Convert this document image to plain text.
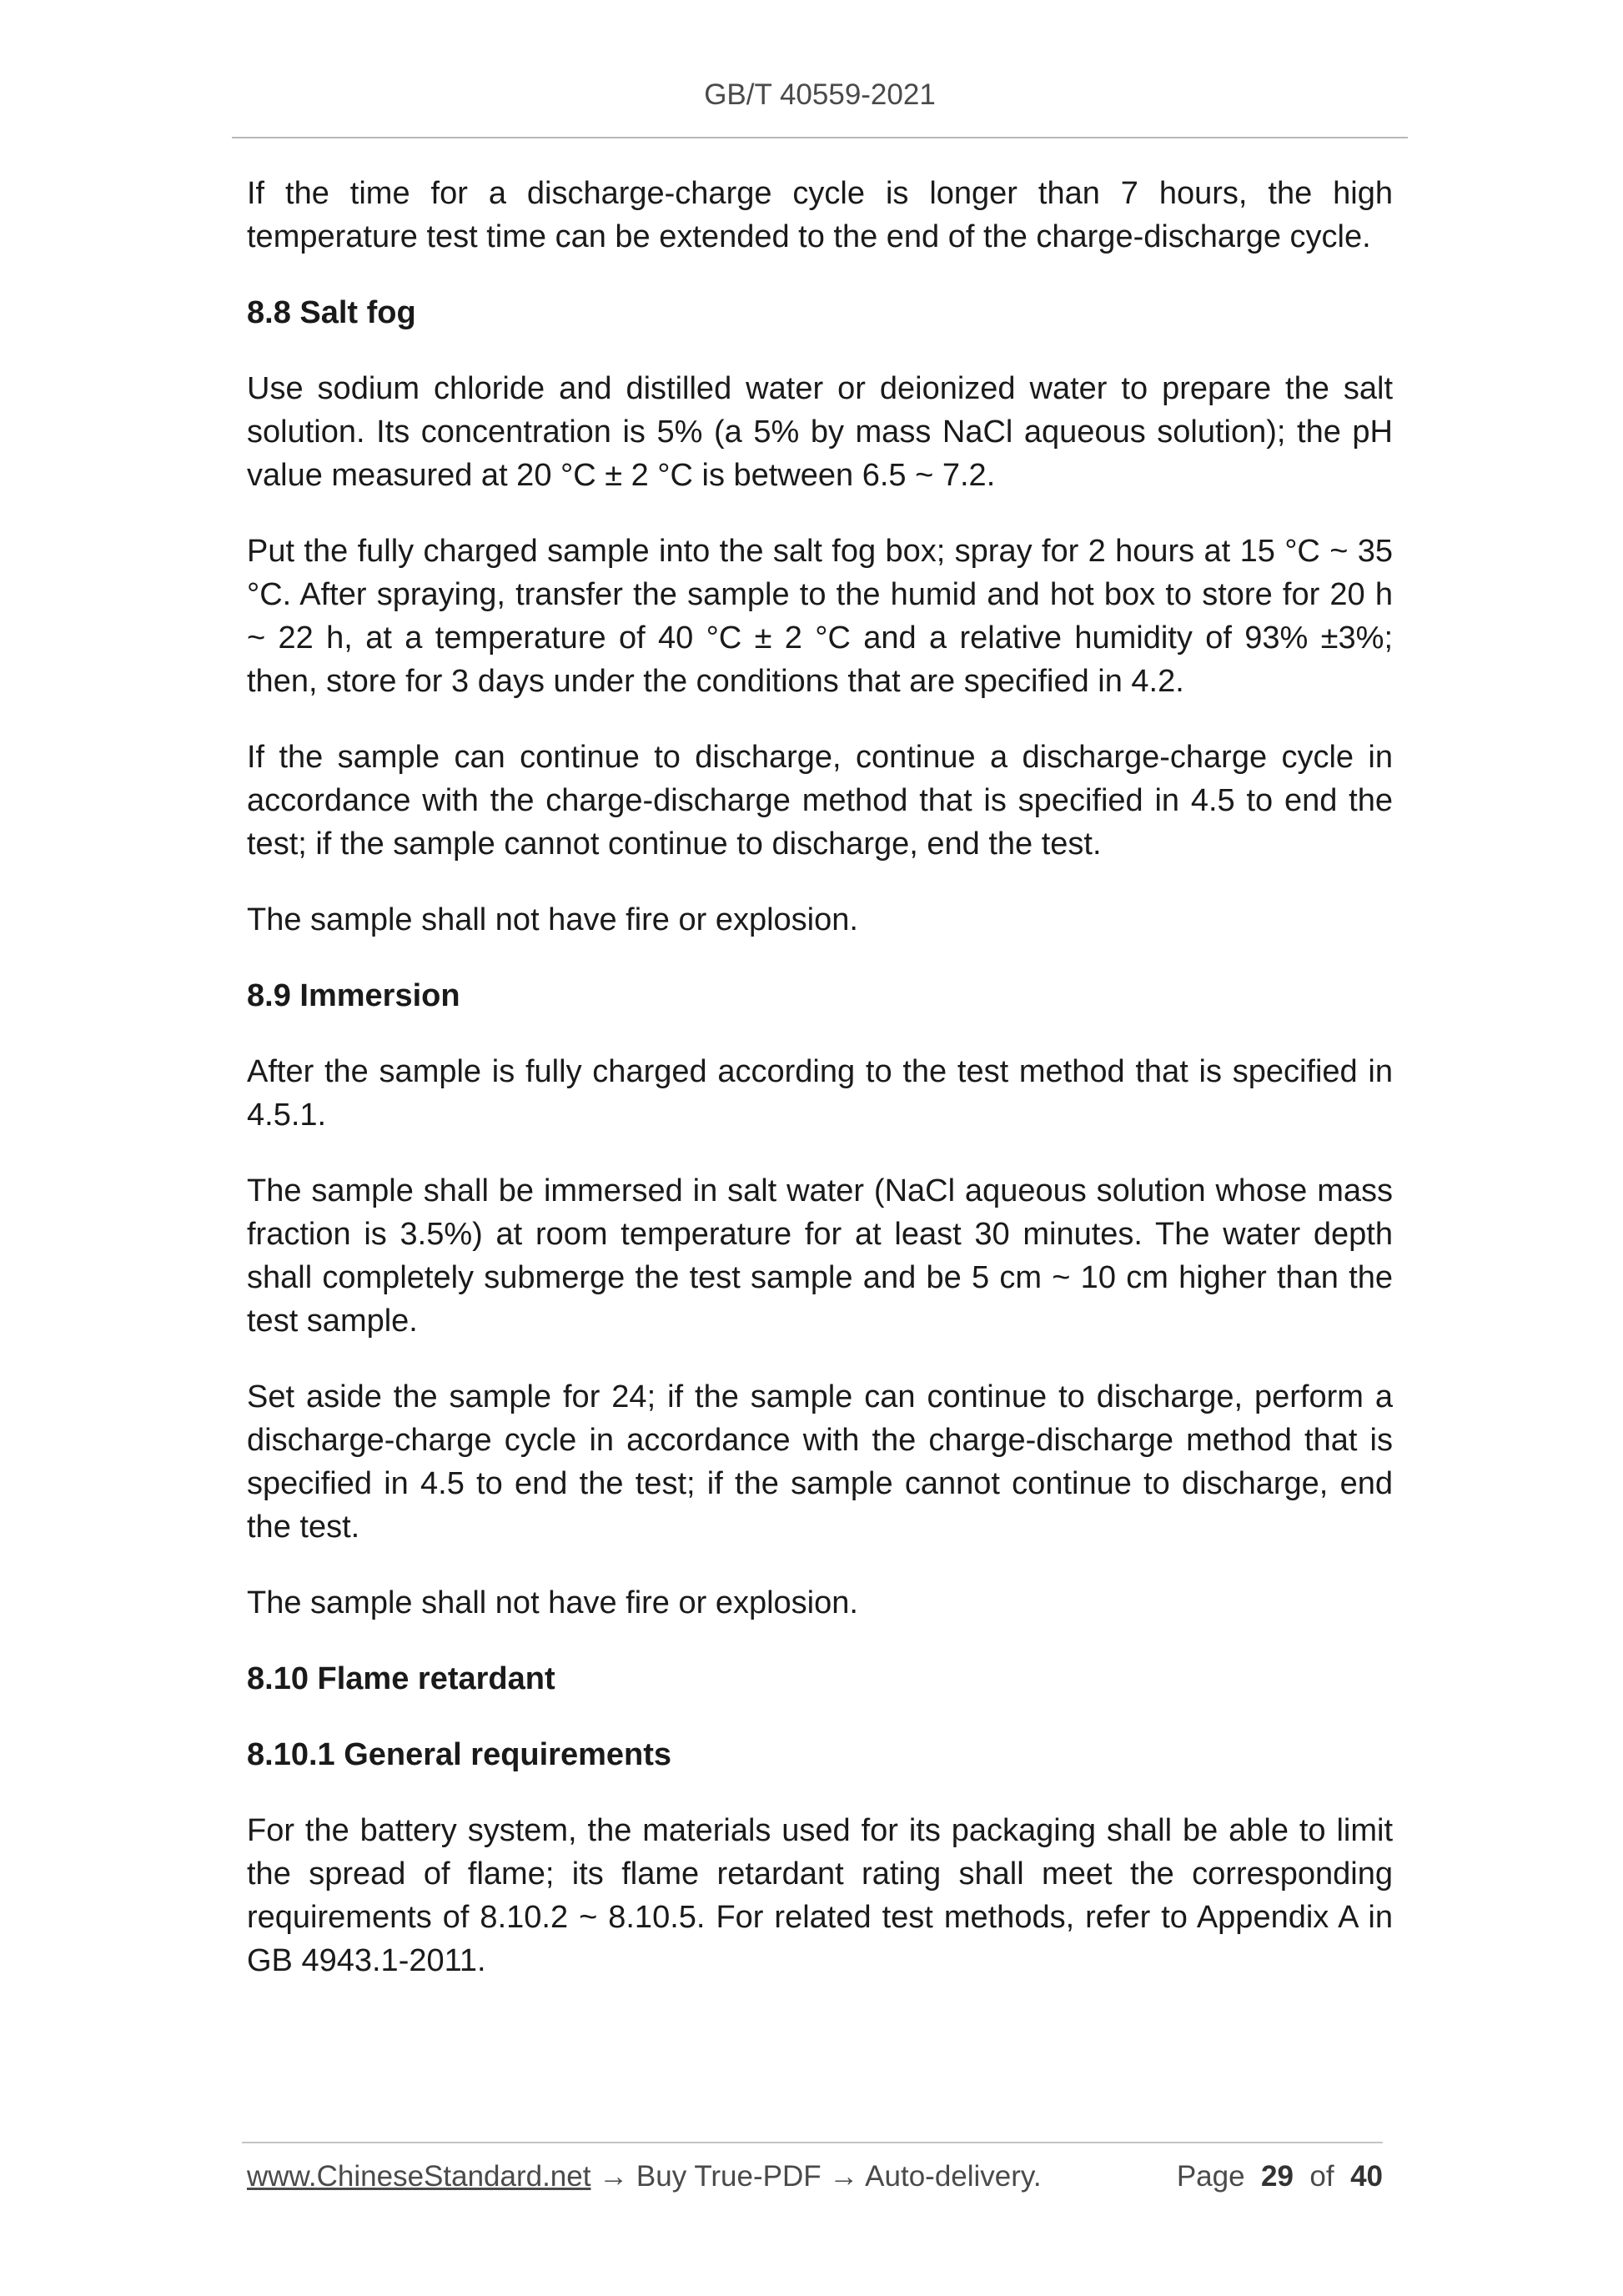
GB/T 40559-2021
If the time for a discharge-charge cycle is longer than 7 hours, the high temperature test time can be extended to the end of the charge-discharge cycle.
8.8 Salt fog
Use sodium chloride and distilled water or deionized water to prepare the salt solution. Its concentration is 5% (a 5% by mass NaCl aqueous solution); the pH value measured at 20 °C ± 2 °C is between 6.5 ~ 7.2.
Put the fully charged sample into the salt fog box; spray for 2 hours at 15 °C ~ 35 °C. After spraying, transfer the sample to the humid and hot box to store for 20 h ~ 22 h, at a temperature of 40 °C ± 2 °C and a relative humidity of 93% ±3%; then, store for 3 days under the conditions that are specified in 4.2.
If the sample can continue to discharge, continue a discharge-charge cycle in accordance with the charge-discharge method that is specified in 4.5 to end the test; if the sample cannot continue to discharge, end the test.
The sample shall not have fire or explosion.
8.9 Immersion
After the sample is fully charged according to the test method that is specified in 4.5.1.
The sample shall be immersed in salt water (NaCl aqueous solution whose mass fraction is 3.5%) at room temperature for at least 30 minutes. The water depth shall completely submerge the test sample and be 5 cm ~ 10 cm higher than the test sample.
Set aside the sample for 24; if the sample can continue to discharge, perform a discharge-charge cycle in accordance with the charge-discharge method that is specified in 4.5 to end the test; if the sample cannot continue to discharge, end the test.
The sample shall not have fire or explosion.
8.10 Flame retardant
8.10.1 General requirements
For the battery system, the materials used for its packaging shall be able to limit the spread of flame; its flame retardant rating shall meet the corresponding requirements of 8.10.2 ~ 8.10.5. For related test methods, refer to Appendix A in GB 4943.1-2011.
www.ChineseStandard.net → Buy True-PDF → Auto-delivery.	Page 29 of 40
